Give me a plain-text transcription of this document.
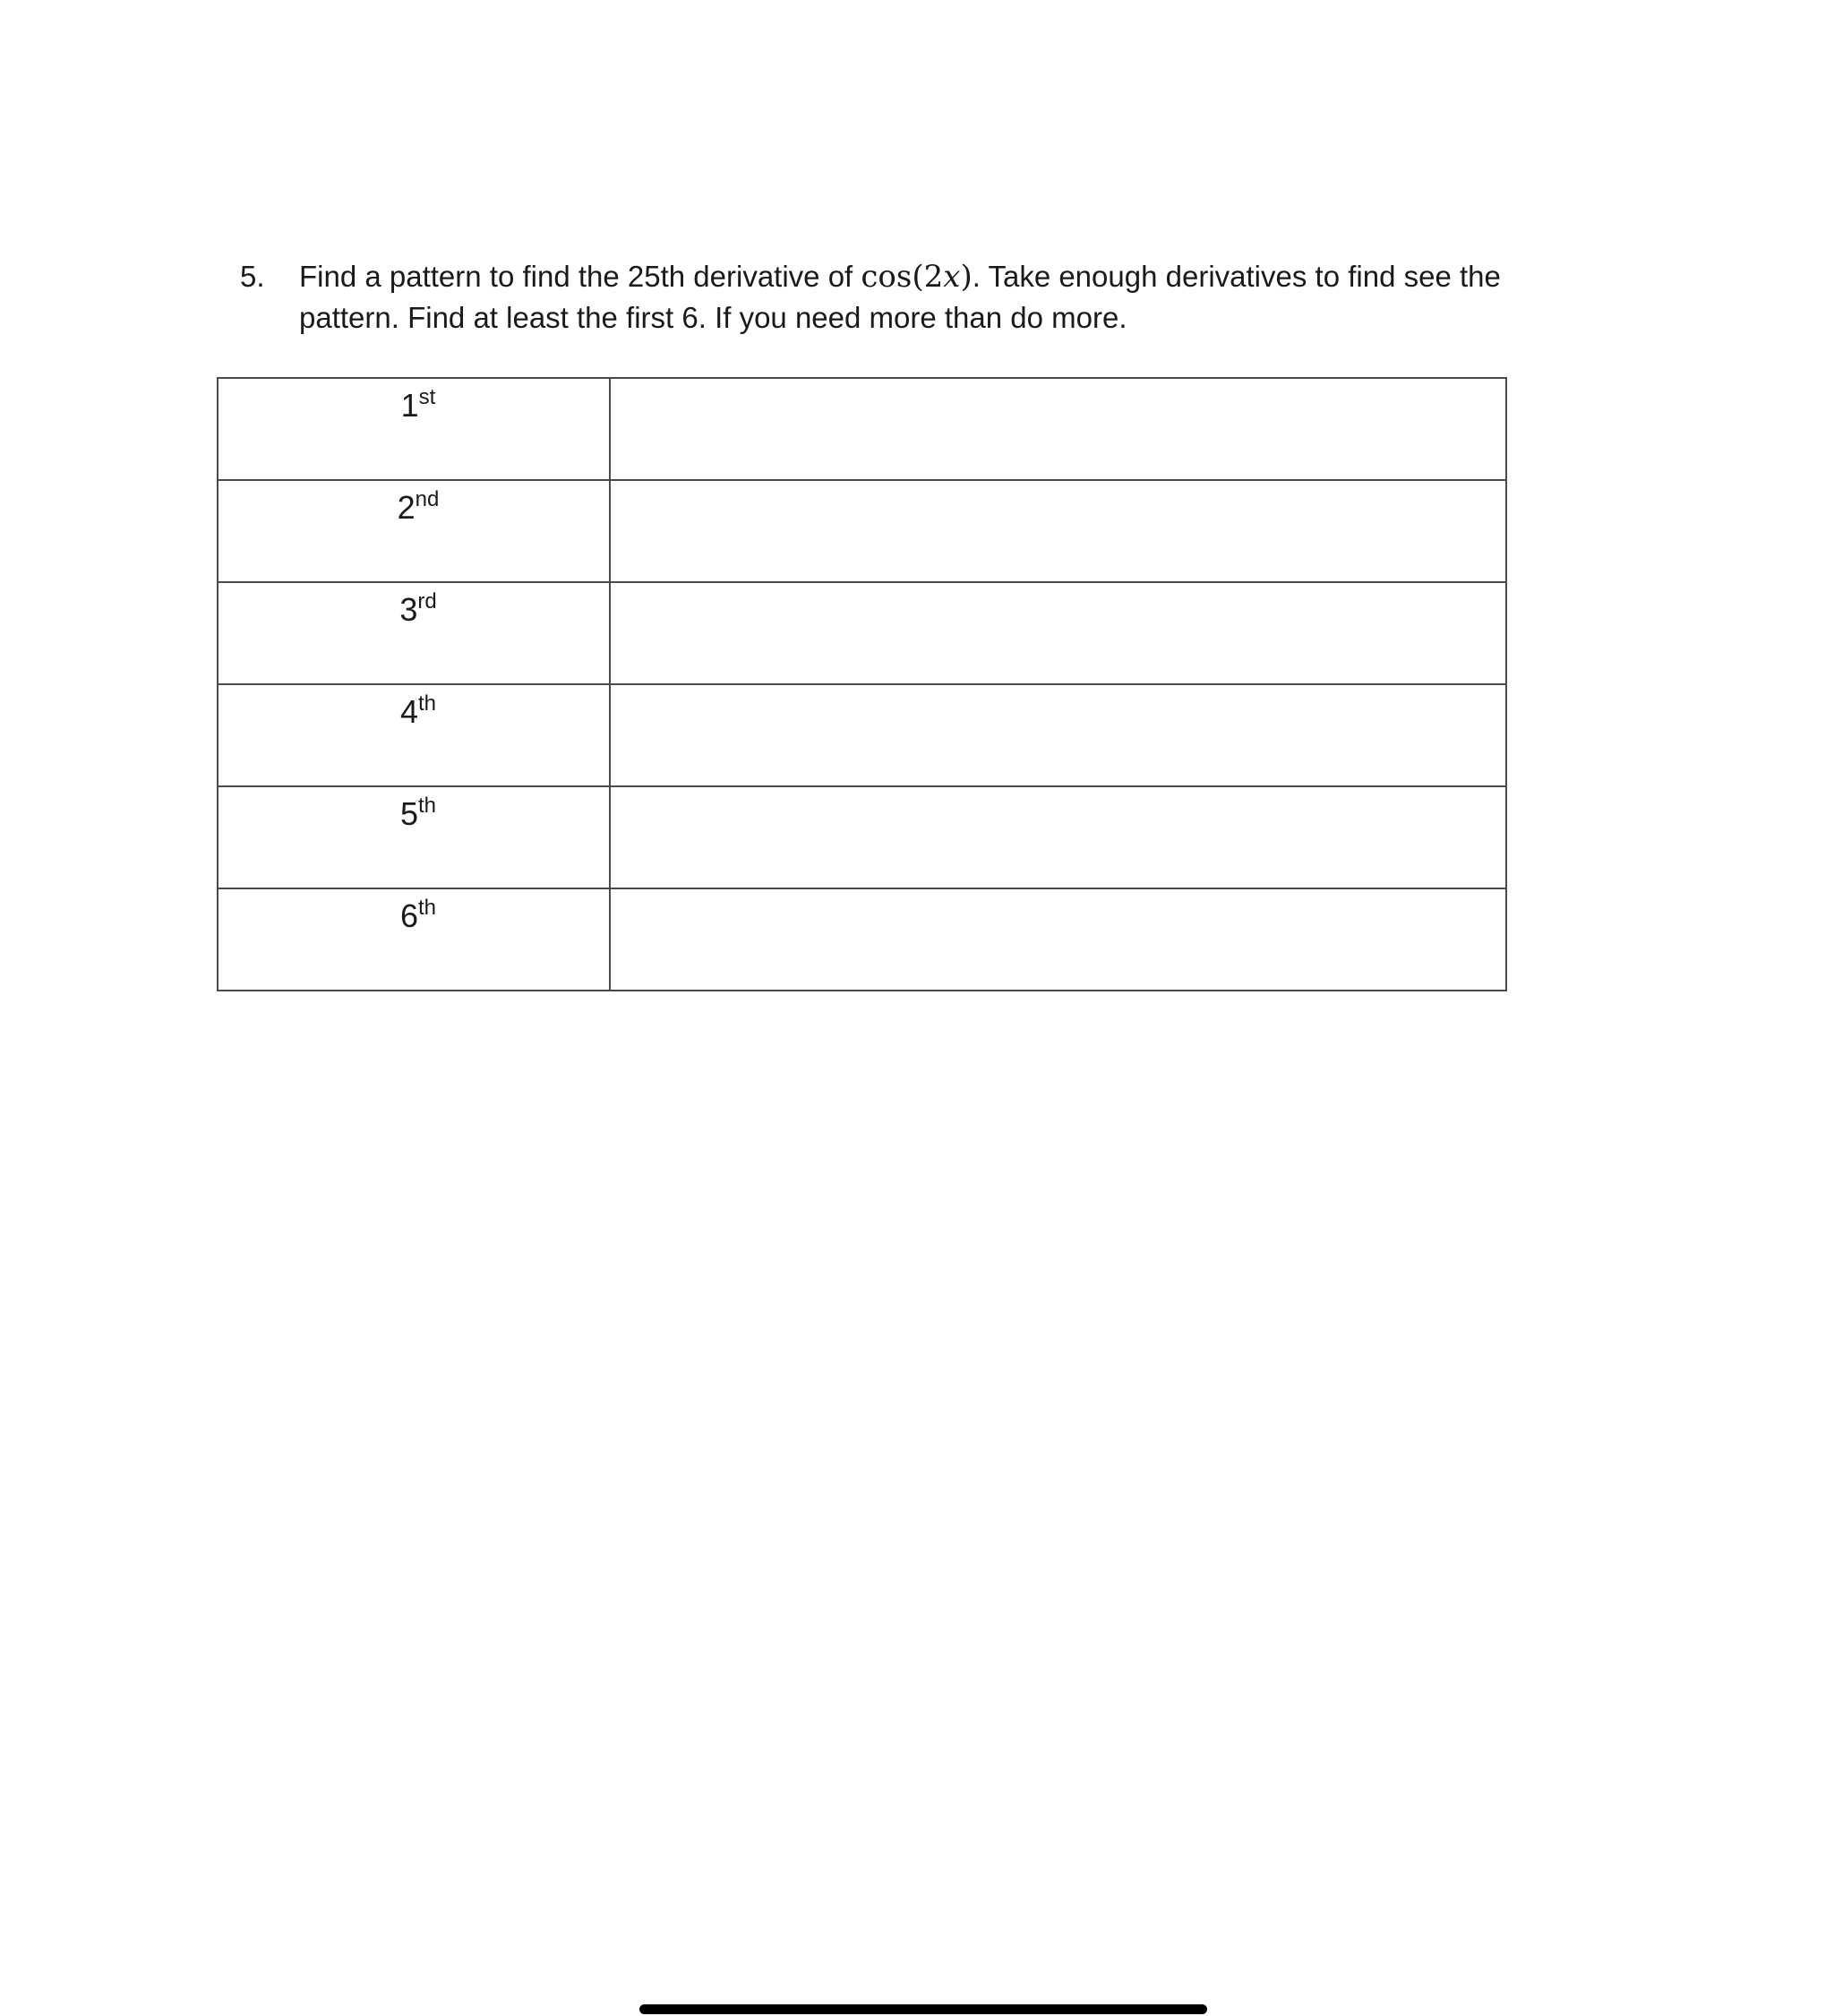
5. Find a pattern to find the 25th derivative of cos(2x). Take enough derivatives to find see the pattern. Find at least the first 6. If you need more than do more.
1st	
2nd	
3rd	
4th	
5th	
6th	
